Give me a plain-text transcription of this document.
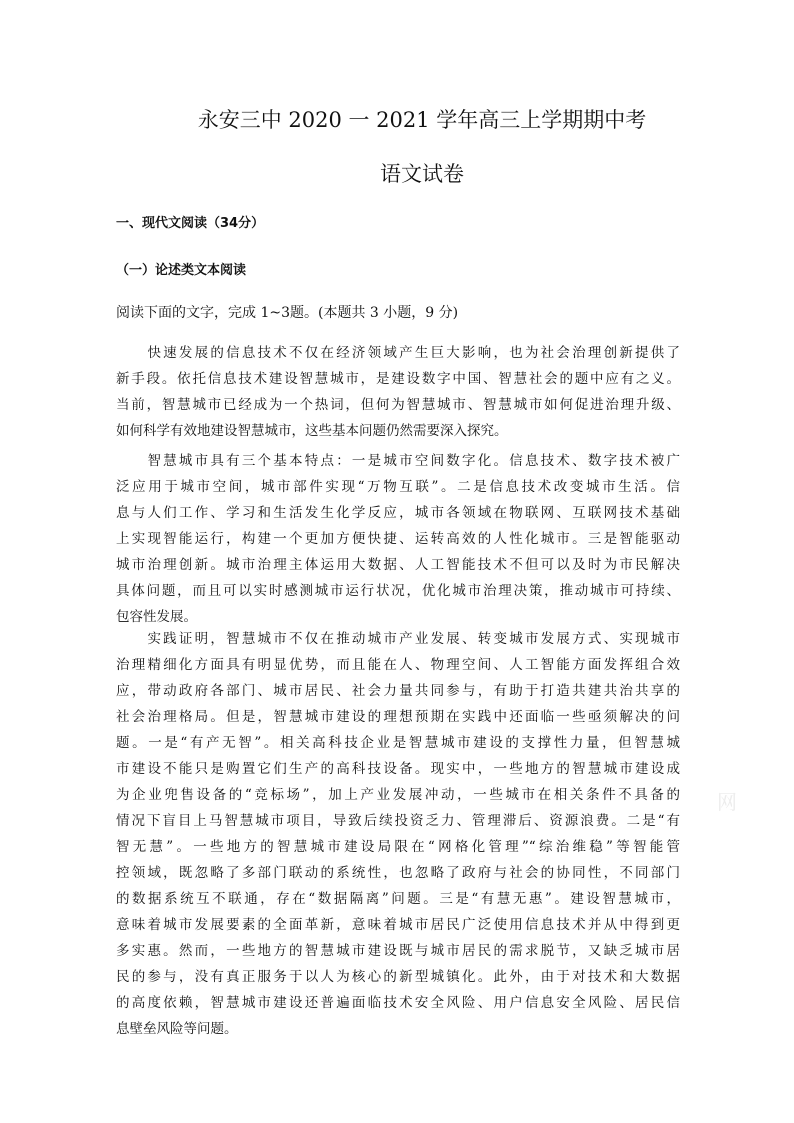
永安三中 2020 一 2021 学年高三上学期期中考
语文试卷
一、现代文阅读（34分）
（一）论述类文本阅读
阅读下面的文字，完成 1~3题。(本题共 3 小题，9 分)
　　快速发展的信息技术不仅在经济领域产生巨大影响，也为社会治理创新提供了
新手段。依托信息技术建设智慧城市，是建设数字中国、智慧社会的题中应有之义。
当前，智慧城市已经成为一个热词，但何为智慧城市、智慧城市如何促进治理升级、
如何科学有效地建设智慧城市，这些基本问题仍然需要深入探究。
　　智慧城市具有三个基本特点：一是城市空间数字化。信息技术、数字技术被广
泛应用于城市空间，城市部件实现“万物互联”。二是信息技术改变城市生活。信
息与人们工作、学习和生活发生化学反应，城市各领域在物联网、互联网技术基础
上实现智能运行，构建一个更加方便快捷、运转高效的人性化城市。三是智能驱动
城市治理创新。城市治理主体运用大数据、人工智能技术不但可以及时为市民解决
具体问题，而且可以实时感测城市运行状况，优化城市治理决策，推动城市可持续、
包容性发展。
　　实践证明，智慧城市不仅在推动城市产业发展、转变城市发展方式、实现城市
治理精细化方面具有明显优势，而且能在人、物理空间、人工智能方面发挥组合效
应，带动政府各部门、城市居民、社会力量共同参与，有助于打造共建共治共享的
社会治理格局。但是，智慧城市建设的理想预期在实践中还面临一些亟须解决的问
题。一是“有产无智”。相关高科技企业是智慧城市建设的支撑性力量，但智慧城
市建设不能只是购置它们生产的高科技设备。现实中，一些地方的智慧城市建设成
为企业兜售设备的“竞标场”，加上产业发展冲动，一些城市在相关条件不具备的
情况下盲目上马智慧城市项目，导致后续投资乏力、管理滞后、资源浪费。二是“有
智无慧”。一些地方的智慧城市建设局限在“网格化管理”“综治维稳”等智能管
控领域，既忽略了多部门联动的系统性，也忽略了政府与社会的协同性，不同部门
的数据系统互不联通，存在“数据隔离”问题。三是“有慧无惠”。建设智慧城市，
意味着城市发展要素的全面革新，意味着城市居民广泛使用信息技术并从中得到更
多实惠。然而，一些地方的智慧城市建设既与城市居民的需求脱节，又缺乏城市居
民的参与，没有真正服务于以人为核心的新型城镇化。此外，由于对技术和大数据
的高度依赖，智慧城市建设还普遍面临技术安全风险、用户信息安全风险、居民信
息壁垒风险等问题。
网
